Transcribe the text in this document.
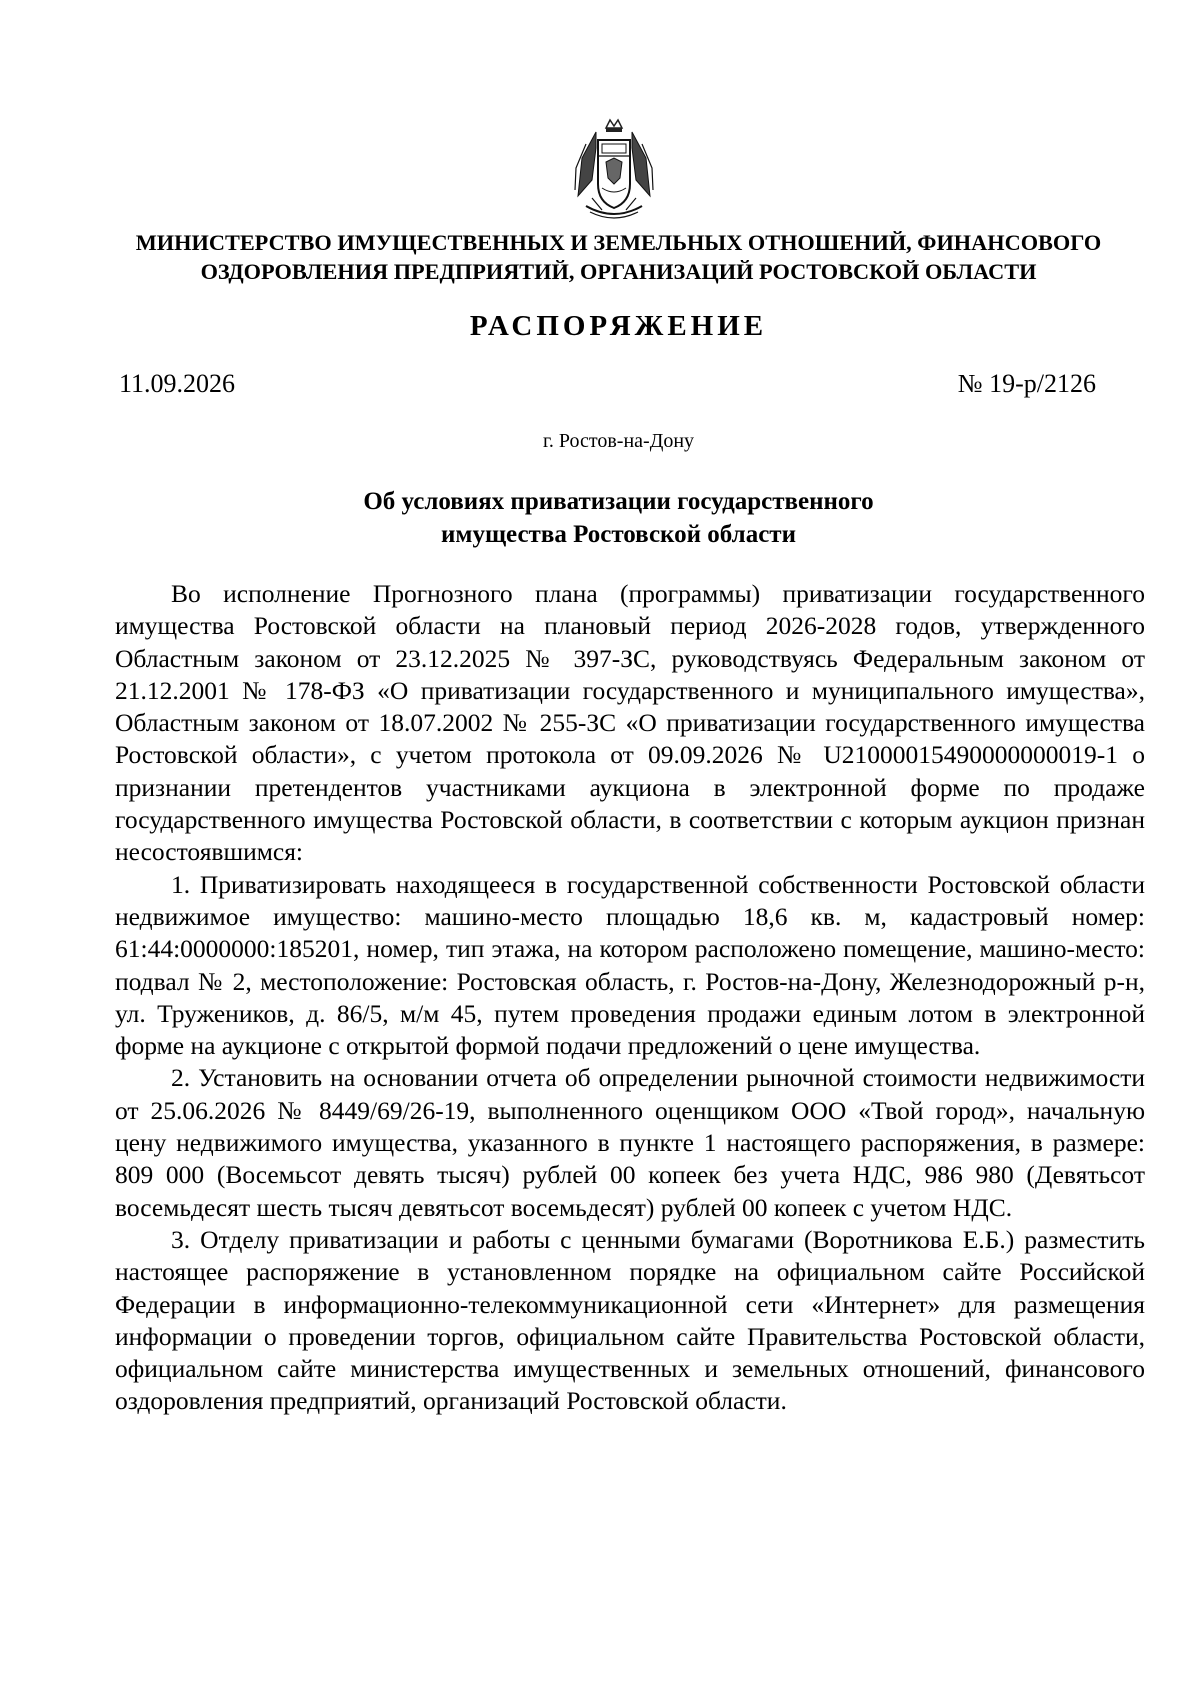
МИНИСТЕРСТВО ИМУЩЕСТВЕННЫХ И ЗЕМЕЛЬНЫХ ОТНОШЕНИЙ, ФИНАНСОВОГО
ОЗДОРОВЛЕНИЯ ПРЕДПРИЯТИЙ, ОРГАНИЗАЦИЙ РОСТОВСКОЙ ОБЛАСТИ
РАСПОРЯЖЕНИЕ
11.09.2026	№ 19-р/2126
г. Ростов-на-Дону
Об условиях приватизации государственного
имущества Ростовской области

Во исполнение Прогнозного плана (программы) приватизации государственного имущества Ростовской области на плановый период 2026-2028 годов, утвержденного Областным законом от 23.12.2025 № 397-ЗС, руководствуясь Федеральным законом от 21.12.2001 № 178-ФЗ «О приватизации государственного и муниципального имущества», Областным законом от 18.07.2002 № 255-ЗС «О приватизации государственного имущества Ростовской области», с учетом протокола от 09.09.2026 № U21000015490000000019-1 о признании претендентов участниками аукциона в электронной форме по продаже государственного имущества Ростовской области, в соответствии с которым аукцион признан несостоявшимся:

1. Приватизировать находящееся в государственной собственности Ростовской области недвижимое имущество: машино-место площадью 18,6 кв. м, кадастровый номер: 61:44:0000000:185201, номер, тип этажа, на котором расположено помещение, машино-место: подвал № 2, местоположение: Ростовская область, г. Ростов-на-Дону, Железнодорожный р-н, ул. Тружеников, д. 86/5, м/м 45, путем проведения продажи единым лотом в электронной форме на аукционе с открытой формой подачи предложений о цене имущества.

2. Установить на основании отчета об определении рыночной стоимости недвижимости от 25.06.2026 № 8449/69/26-19, выполненного оценщиком ООО «Твой город», начальную цену недвижимого имущества, указанного в пункте 1 настоящего распоряжения, в размере: 809 000 (Восемьсот девять тысяч) рублей 00 копеек без учета НДС, 986 980 (Девятьсот восемьдесят шесть тысяч девятьсот восемьдесят) рублей 00 копеек с учетом НДС.

3. Отделу приватизации и работы с ценными бумагами (Воротникова Е.Б.) разместить настоящее распоряжение в установленном порядке на официальном сайте Российской Федерации в информационно-телекоммуникационной сети «Интернет» для размещения информации о проведении торгов, официальном сайте Правительства Ростовской области, официальном сайте министерства имущественных и земельных отношений, финансового оздоровления предприятий, организаций Ростовской области.
